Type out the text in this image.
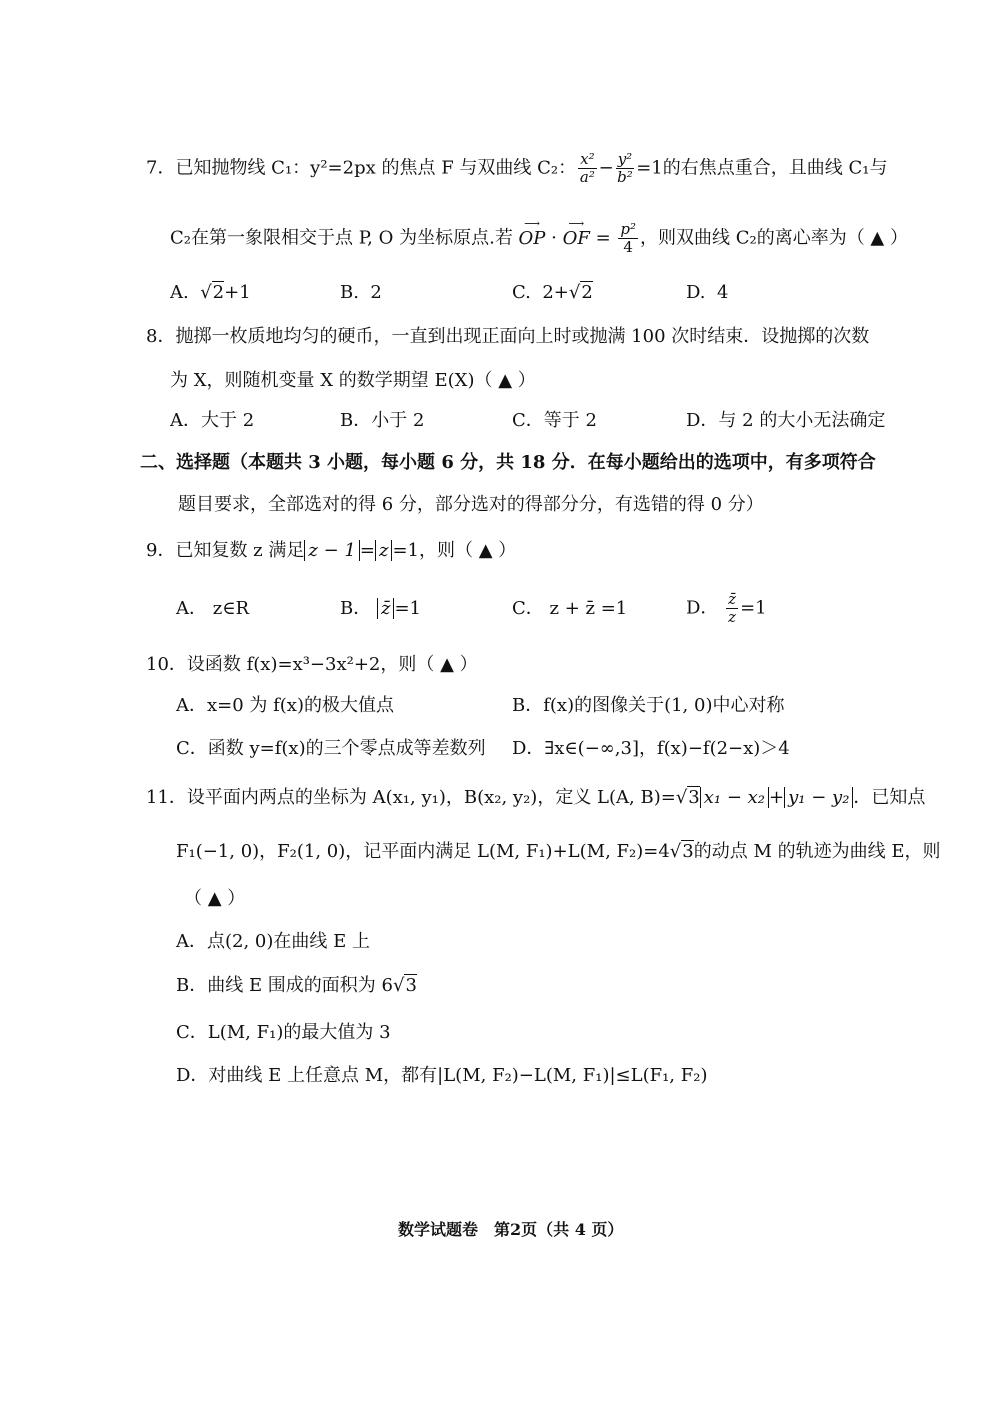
7．已知抛物线 C₁：y²=2px 的焦点 F 与双曲线 C₂： $\frac{\text{x²}}{\text{a²}} - \frac{\text{y²}}{\text{b²}} =1$的右焦点重合，且曲线 C₁与
C₂在第一象限相交于点 P, O 为坐标原点.若
⟶
OP ·
⟶
OF = $\frac{\text{p²}}{4}$ ，则双曲线 C₂的离心率为（ ▲ ）
A. √2+1	B. 2	C. 2+√2	D. 4
8．抛掷一枚质地均匀的硬币，一直到出现正面向上时或抛满 100 次时结束．设抛掷的次数
为 X，则随机变量 X 的数学期望 E(X)（ ▲ ）
A．大于 2	B．小于 2	C．等于 2	D．与 2 的大小无法确定
二、选择题（本题共 3 小题，每小题 6 分，共 18 分．在每小题给出的选项中，有多项符合
题目要求，全部选对的得 6 分，部分选对的得部分分，有选错的得 0 分）
9．已知复数 z 满足 z − 1 = z =1，则（ ▲ ）
A． z∈R	B． z̄ =1	C． z + z̄ =1	D． $\frac{z̄}{z} =1$
10．设函数 f(x)=x³−3x²+2，则（ ▲ ）
A．x=0 为 f(x)的极大值点	B．f(x)的图像关于(1, 0)中心对称
C．函数 y=f(x)的三个零点成等差数列 D．∃x∈(−∞,3]，f(x)−f(2−x)＞4
11．设平面内两点的坐标为 A(x₁, y₁)，B(x₂, y₂)，定义 L(A, B)=√3 x₁ − x₂ + y₁ − y₂ ．已知点
F₁(−1, 0)，F₂(1, 0)，记平面内满足 L(M, F₁)+L(M, F₂)=4√3的动点 M 的轨迹为曲线 E，则
（ ▲ ）
A．点(2, 0)在曲线 E 上
B．曲线 E 围成的面积为 6√3
C．L(M, F₁)的最大值为 3
D．对曲线 E 上任意点 M，都有|L(M, F₂)−L(M, F₁)|≤L(F₁, F₂)
数学试题卷　第2页（共 4 页）
